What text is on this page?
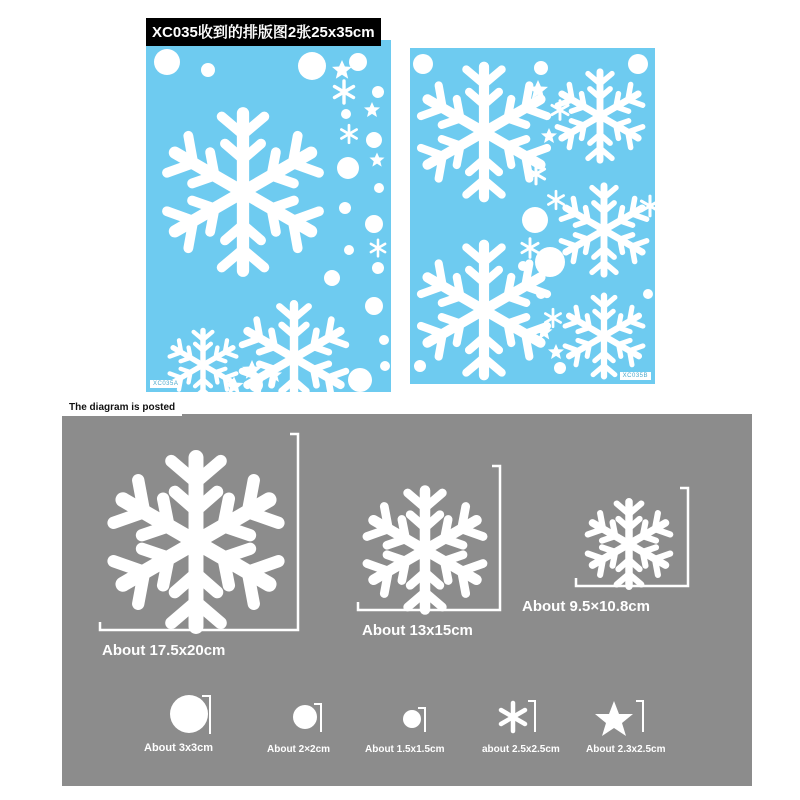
XC035收到的排版图2张25x35cm
XC035A
XC035B
The diagram is posted
About 17.5x20cm
About 13x15cm
About 9.5×10.8cm
About 3x3cm	About 2×2cm	About 1.5x1.5cm	about 2.5x2.5cm	About 2.3x2.5cm
